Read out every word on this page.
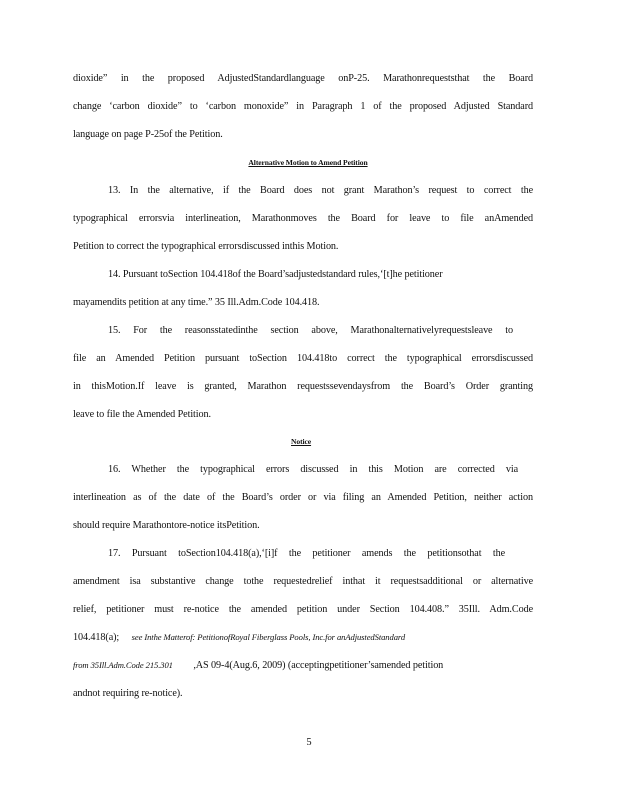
dioxide” in the proposed AdjustedStandardlanguage onP-25. Marathonrequeststhat the Board
change ‘carbon dioxide” to ‘carbon monoxide” in Paragraph 1 of the proposed Adjusted Standard
language on page P-25of the Petition.
Alternative Motion to Amend Petition
13. In the alternative, if the Board does not grant Marathon’s request to correct the
typographical errorsvia interlineation, Marathonmoves the Board for leave to file anAmended
Petition to correct the typographical errorsdiscussed inthis Motion.
14. Pursuant toSection 104.418of the Board’sadjustedstandard rules,‘[t]he petitioner
mayamendits petition at any time.” 35 Ill.Adm.Code 104.418.
15. For the reasonsstatedinthe section above, Marathonalternativelyrequestsleave to
file an Amended Petition pursuant toSection 104.418to correct the typographical errorsdiscussed
in thisMotion.If leave is granted, Marathon requestssevendaysfrom the Board’s Order granting
leave to file the Amended Petition.
Notice
16. Whether the typographical errors discussed in this Motion are corrected via
interlineation as of the date of the Board’s order or via filing an Amended Petition, neither action
should require Marathontore-notice itsPetition.
17. Pursuant toSection104.418(a),‘[i]f the petitioner amends the petitionsothat the
amendment isa substantive change tothe requestedrelief inthat it requestsadditional or alternative
relief, petitioner must re-notice the amended petition under Section 104.408.” 35Ill. Adm.Code
104.418(a); see Inthe Matterof: PetitionofRoyal Fiberglass Pools, Inc.for anAdjustedStandard
from 35Ill.Adm.Code 215.301 ,AS 09-4(Aug.6, 2009) (acceptingpetitioner’samended petition
andnot requiring re-notice).
5
